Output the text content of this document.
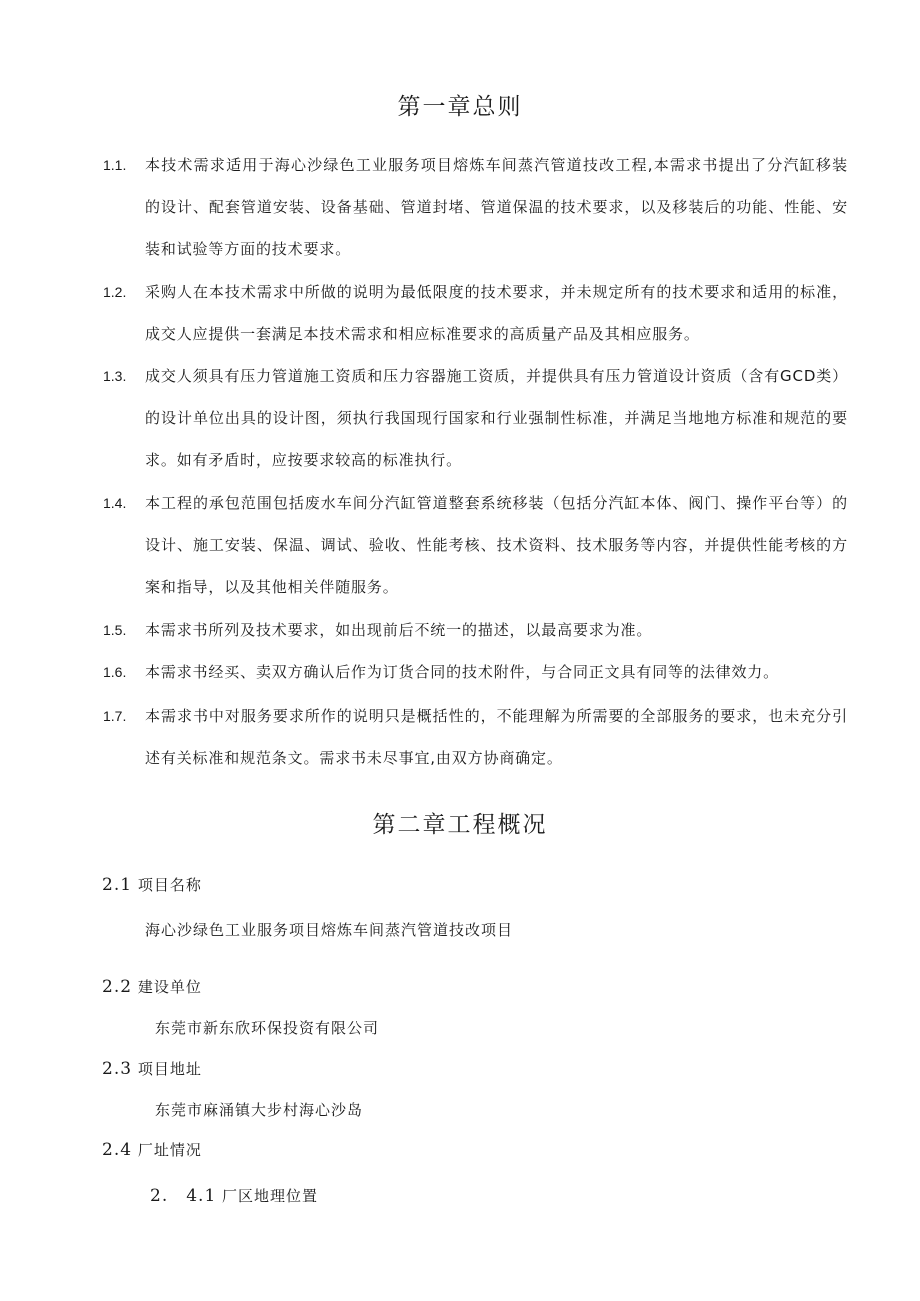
第一章总则
1.1. 本技术需求适用于海心沙绿色工业服务项目熔炼车间蒸汽管道技改工程,本需求书提出了分汽缸移装的设计、配套管道安装、设备基础、管道封堵、管道保温的技术要求，以及移装后的功能、性能、安装和试验等方面的技术要求。
1.2. 采购人在本技术需求中所做的说明为最低限度的技术要求，并未规定所有的技术要求和适用的标准，成交人应提供一套满足本技术需求和相应标准要求的高质量产品及其相应服务。
1.3. 成交人须具有压力管道施工资质和压力容器施工资质，并提供具有压力管道设计资质（含有GCD类）的设计单位出具的设计图，须执行我国现行国家和行业强制性标准，并满足当地地方标准和规范的要求。如有矛盾时，应按要求较高的标准执行。
1.4. 本工程的承包范围包括废水车间分汽缸管道整套系统移装（包括分汽缸本体、阀门、操作平台等）的设计、施工安装、保温、调试、验收、性能考核、技术资料、技术服务等内容，并提供性能考核的方案和指导，以及其他相关伴随服务。
1.5. 本需求书所列及技术要求，如出现前后不统一的描述，以最高要求为准。
1.6. 本需求书经买、卖双方确认后作为订货合同的技术附件，与合同正文具有同等的法律效力。
1.7. 本需求书中对服务要求所作的说明只是概括性的，不能理解为所需要的全部服务的要求，也未充分引述有关标准和规范条文。需求书未尽事宜,由双方协商确定。
第二章工程概况
2.1 项目名称
海心沙绿色工业服务项目熔炼车间蒸汽管道技改项目
2.2 建设单位
东莞市新东欣环保投资有限公司
2.3 项目地址
东莞市麻涌镇大步村海心沙岛
2.4 厂址情况
2.　4.1 厂区地理位置
